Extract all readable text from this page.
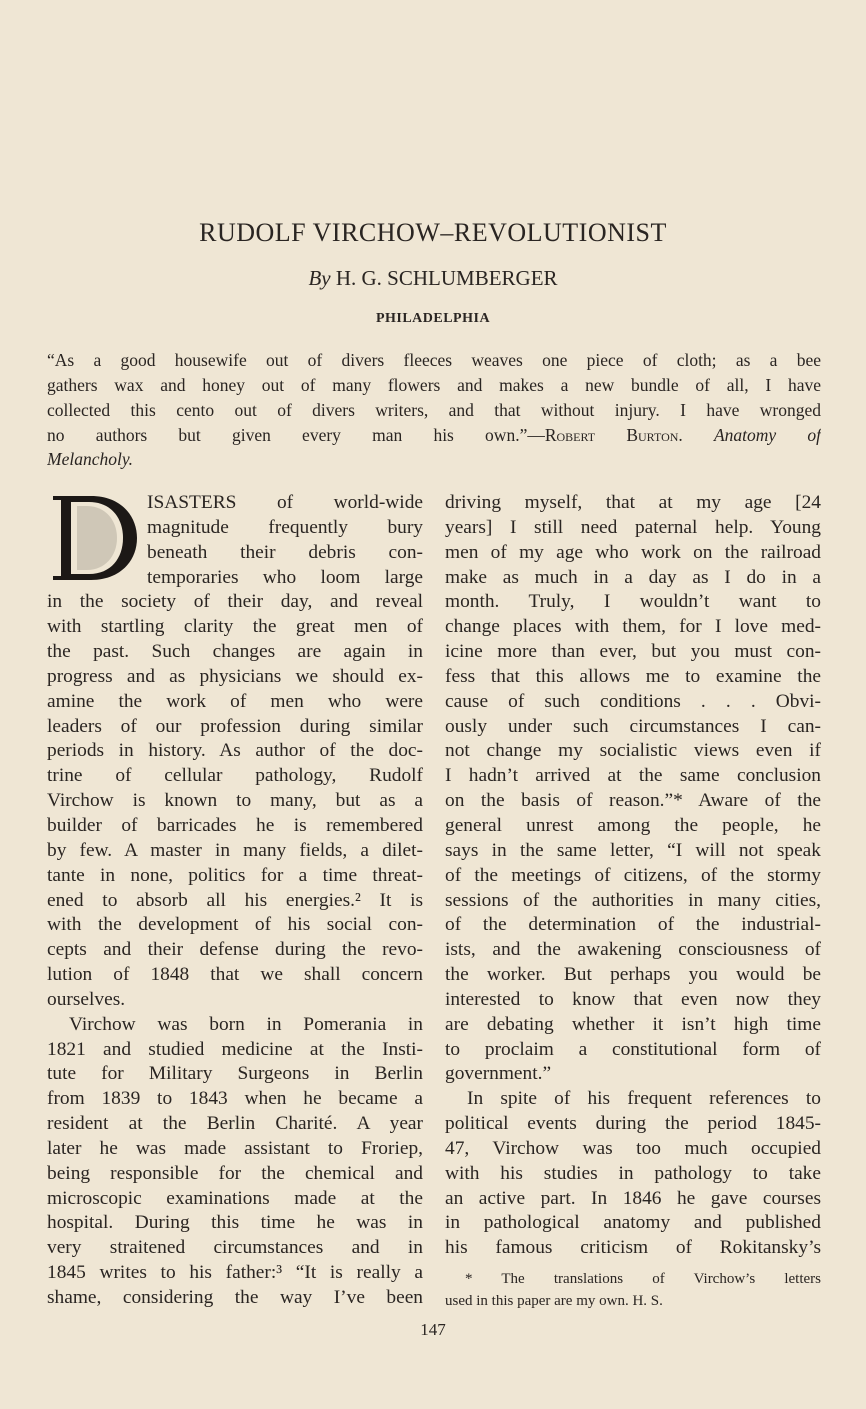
RUDOLF VIRCHOW–REVOLUTIONIST
By H. G. SCHLUMBERGER
PHILADELPHIA
“As a good housewife out of divers fleeces weaves one piece of cloth; as a bee
gathers wax and honey out of many flowers and makes a new bundle of all, I have
collected this cento out of divers writers, and that without injury. I have wronged
no authors but given every man his own.”—Robert Burton. Anatomy of
Melancholy.
ISASTERS of world-wide
magnitude frequently bury
beneath their debris con-
temporaries who loom large
in the society of their day, and reveal
with startling clarity the great men of
the past. Such changes are again in
progress and as physicians we should ex-
amine the work of men who were
leaders of our profession during similar
periods in history. As author of the doc-
trine of cellular pathology, Rudolf
Virchow is known to many, but as a
builder of barricades he is remembered
by few. A master in many fields, a dilet-
tante in none, politics for a time threat-
ened to absorb all his energies.² It is
with the development of his social con-
cepts and their defense during the revo-
lution of 1848 that we shall concern
ourselves.
Virchow was born in Pomerania in
1821 and studied medicine at the Insti-
tute for Military Surgeons in Berlin
from 1839 to 1843 when he became a
resident at the Berlin Charité. A year
later he was made assistant to Froriep,
being responsible for the chemical and
microscopic examinations made at the
hospital. During this time he was in
very straitened circumstances and in
1845 writes to his father:³ “It is really a
shame, considering the way I’ve been
driving myself, that at my age [24
years] I still need paternal help. Young
men of my age who work on the railroad
make as much in a day as I do in a
month. Truly, I wouldn’t want to
change places with them, for I love med-
icine more than ever, but you must con-
fess that this allows me to examine the
cause of such conditions . . . Obvi-
ously under such circumstances I can-
not change my socialistic views even if
I hadn’t arrived at the same conclusion
on the basis of reason.”* Aware of the
general unrest among the people, he
says in the same letter, “I will not speak
of the meetings of citizens, of the stormy
sessions of the authorities in many cities,
of the determination of the industrial-
ists, and the awakening consciousness of
the worker. But perhaps you would be
interested to know that even now they
are debating whether it isn’t high time
to proclaim a constitutional form of
government.”
In spite of his frequent references to
political events during the period 1845-
47, Virchow was too much occupied
with his studies in pathology to take
an active part. In 1846 he gave courses
in pathological anatomy and published
his famous criticism of Rokitansky’s
* The translations of Virchow’s letters
used in this paper are my own. H. S.
147
